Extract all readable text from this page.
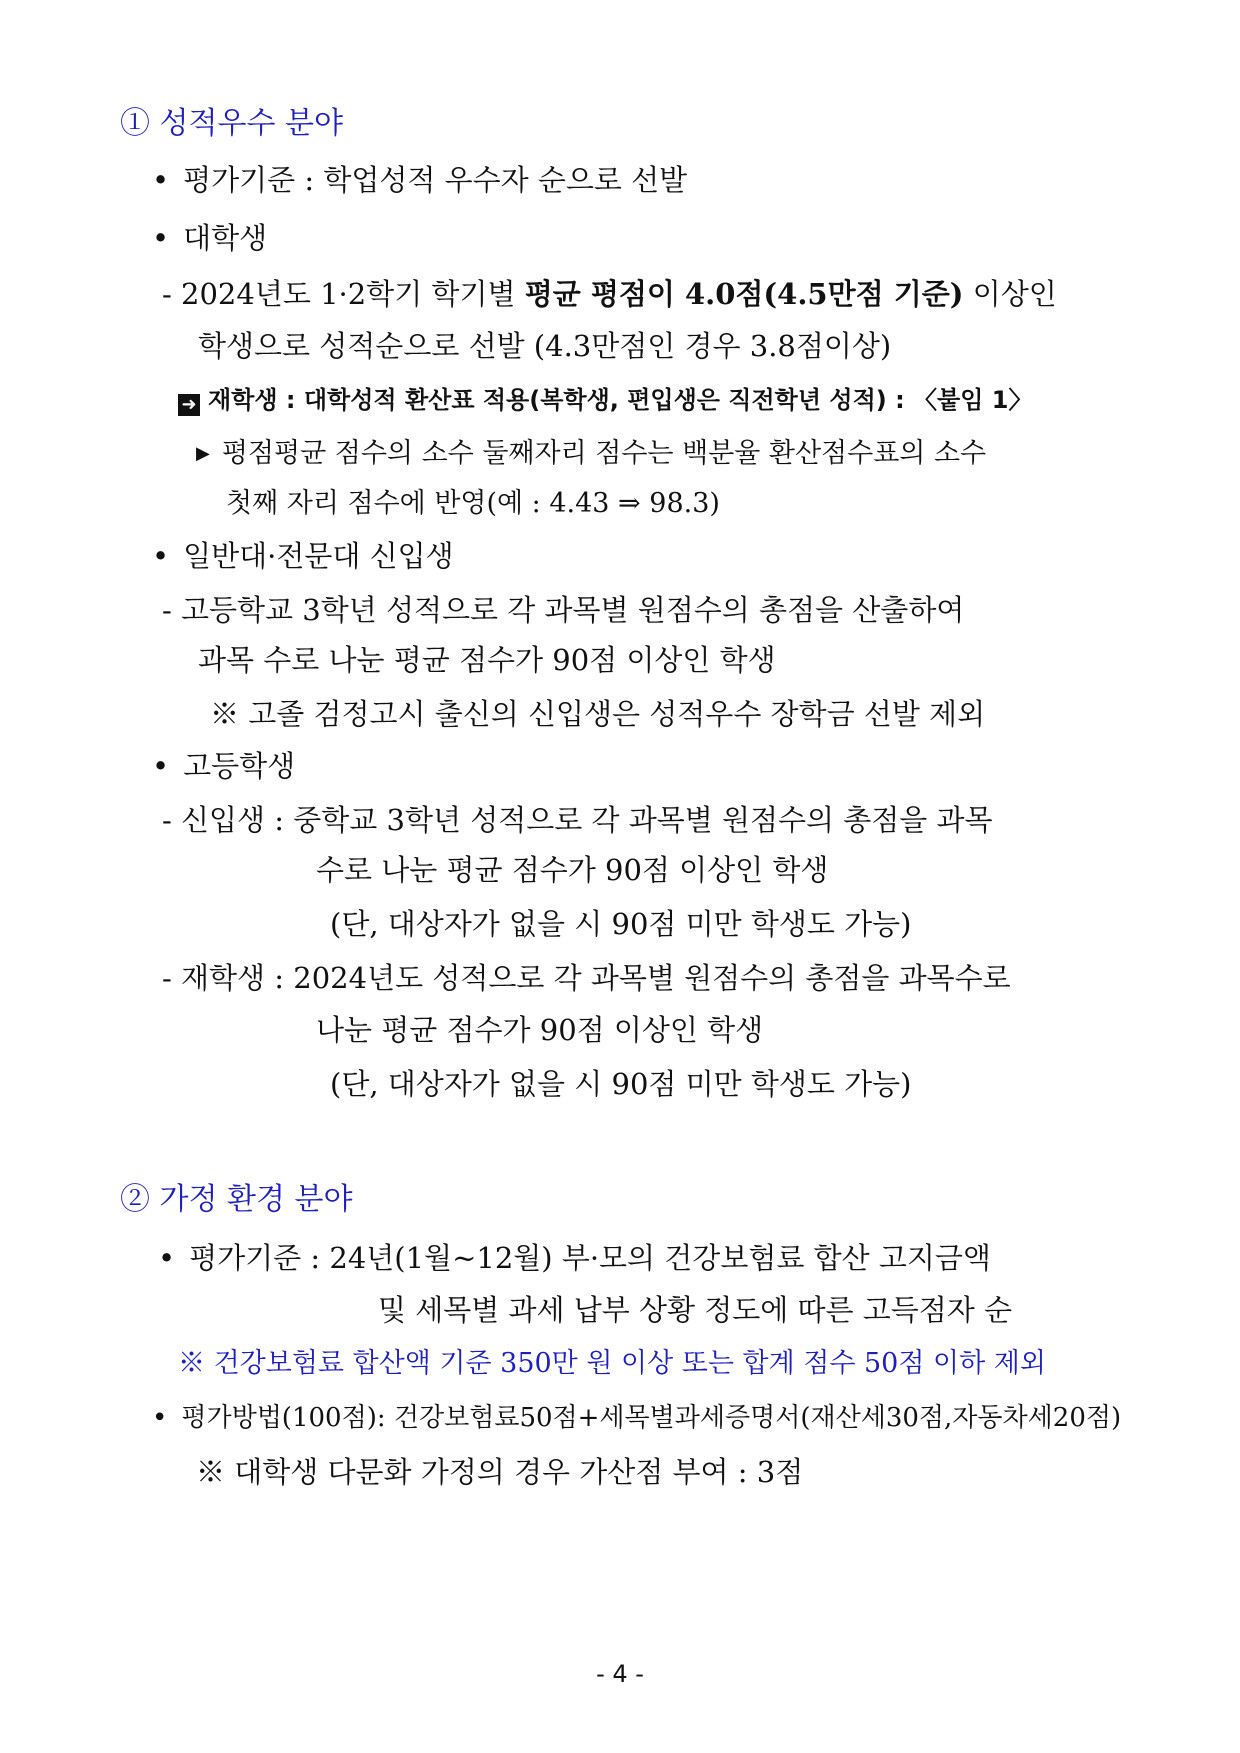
① 성적우수 분야
• 평가기준 : 학업성적 우수자 순으로 선발
• 대학생
- 2024년도 1·2학기 학기별 평균 평점이 4.0점(4.5만점 기준) 이상인
학생으로 성적순으로 선발 (4.3만점인 경우 3.8점이상)
➜ 재학생 : 대학성적 환산표 적용(복학생, 편입생은 직전학년 성적) : 〈붙임 1〉
▶ 평점평균 점수의 소수 둘째자리 점수는 백분율 환산점수표의 소수
첫째 자리 점수에 반영(예 : 4.43 ⇒ 98.3)
• 일반대·전문대 신입생
- 고등학교 3학년 성적으로 각 과목별 원점수의 총점을 산출하여
과목 수로 나눈 평균 점수가 90점 이상인 학생
※ 고졸 검정고시 출신의 신입생은 성적우수 장학금 선발 제외
• 고등학생
- 신입생 : 중학교 3학년 성적으로 각 과목별 원점수의 총점을 과목
수로 나눈 평균 점수가 90점 이상인 학생
(단, 대상자가 없을 시 90점 미만 학생도 가능)
- 재학생 : 2024년도 성적으로 각 과목별 원점수의 총점을 과목수로
나눈 평균 점수가 90점 이상인 학생
(단, 대상자가 없을 시 90점 미만 학생도 가능)
② 가정 환경 분야
• 평가기준 : 24년(1월~12월) 부·모의 건강보험료 합산 고지금액
및 세목별 과세 납부 상황 정도에 따른 고득점자 순
※ 건강보험료 합산액 기준 350만 원 이상 또는 합계 점수 50점 이하 제외
• 평가방법(100점): 건강보험료50점+세목별과세증명서(재산세30점,자동차세20점)
※ 대학생 다문화 가정의 경우 가산점 부여 : 3점
- 4 -
